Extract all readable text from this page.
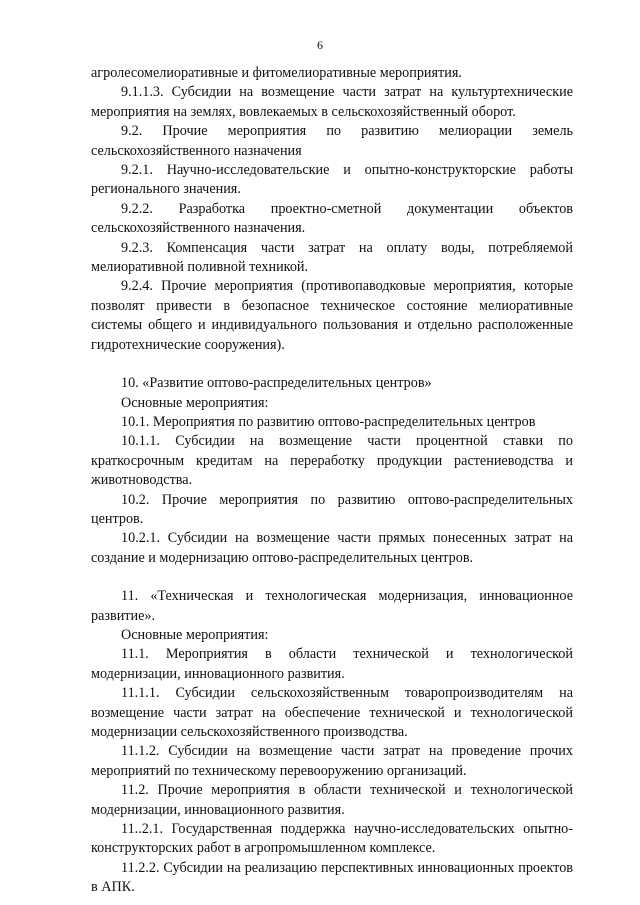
6

агролесомелиоративные и фитомелиоративные мероприятия.

9.1.1.3. Субсидии на возмещение части затрат на культуртехнические мероприятия на землях, вовлекаемых в сельскохозяйственный оборот.

9.2. Прочие мероприятия по развитию мелиорации земель сельскохозяйственного назначения

9.2.1. Научно-исследовательские и опытно-конструкторские работы регионального значения.

9.2.2. Разработка проектно-сметной документации объектов сельскохозяйственного назначения.

9.2.3. Компенсация части затрат на оплату воды, потребляемой мелиоративной поливной техникой.

9.2.4. Прочие мероприятия (противопаводковые мероприятия, которые позволят привести в безопасное техническое состояние мелиоративные системы общего и индивидуального пользования и отдельно расположенные гидротехнические сооружения).

10. «Развитие оптово-распределительных центров»

Основные мероприятия:

10.1. Мероприятия по развитию оптово-распределительных центров

10.1.1. Субсидии на возмещение части процентной ставки по краткосрочным кредитам на переработку продукции растениеводства и животноводства.

10.2. Прочие мероприятия по развитию оптово-распределительных центров.

10.2.1. Субсидии на возмещение части прямых понесенных затрат на создание и модернизацию оптово-распределительных центров.

11. «Техническая и технологическая модернизация, инновационное развитие».

Основные мероприятия:

11.1. Мероприятия в области технической и технологической модернизации, инновационного развития.

11.1.1. Субсидии сельскохозяйственным товаропроизводителям на возмещение части затрат на обеспечение технической и технологической модернизации сельскохозяйственного производства.

11.1.2. Субсидии на возмещение части затрат на проведение прочих мероприятий по техническому перевооружению организаций.

11.2. Прочие мероприятия в области технической и технологической модернизации, инновационного развития.

11..2.1. Государственная поддержка научно-исследовательских опытно-конструкторских работ в агропромышленном комплексе.

11.2.2. Субсидии на реализацию перспективных инновационных проектов в АПК.
